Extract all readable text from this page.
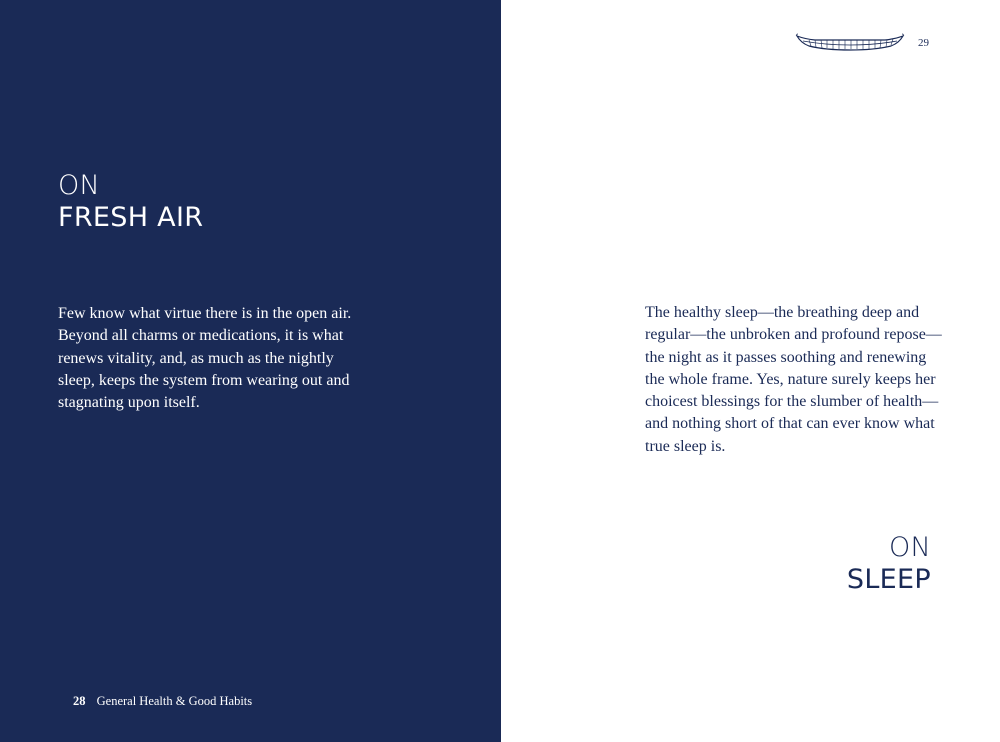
ON
FRESH AIR

Few know what virtue there is in the open air. Beyond all charms or medications, it is what renews vitality, and, as much as the nightly sleep, keeps the system from wearing out and stagnating upon itself.

28 General Health & Good Habits
29

The healthy sleep—the breathing deep and regular—the unbroken and profound repose—the night as it passes soothing and renewing the whole frame. Yes, nature surely keeps her choicest blessings for the slumber of health—and nothing short of that can ever know what true sleep is.

ON
SLEEP
